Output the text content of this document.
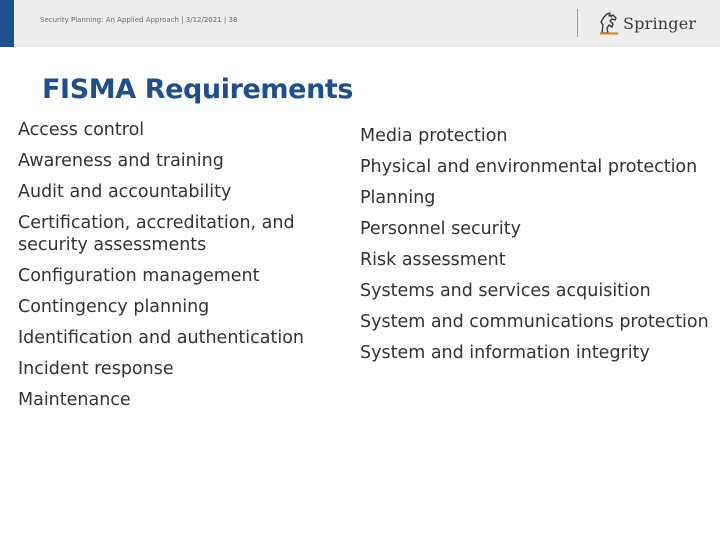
Security Planning: An Applied Approach | 3/12/2021 | 38	Springer
FISMA Requirements
Access control
Awareness and training
Audit and accountability
Certification, accreditation, and security assessments
Configuration management
Contingency planning
Identification and authentication
Incident response
Maintenance
Media protection
Physical and environmental protection
Planning
Personnel security
Risk assessment
Systems and services acquisition
System and communications protection
System and information integrity
